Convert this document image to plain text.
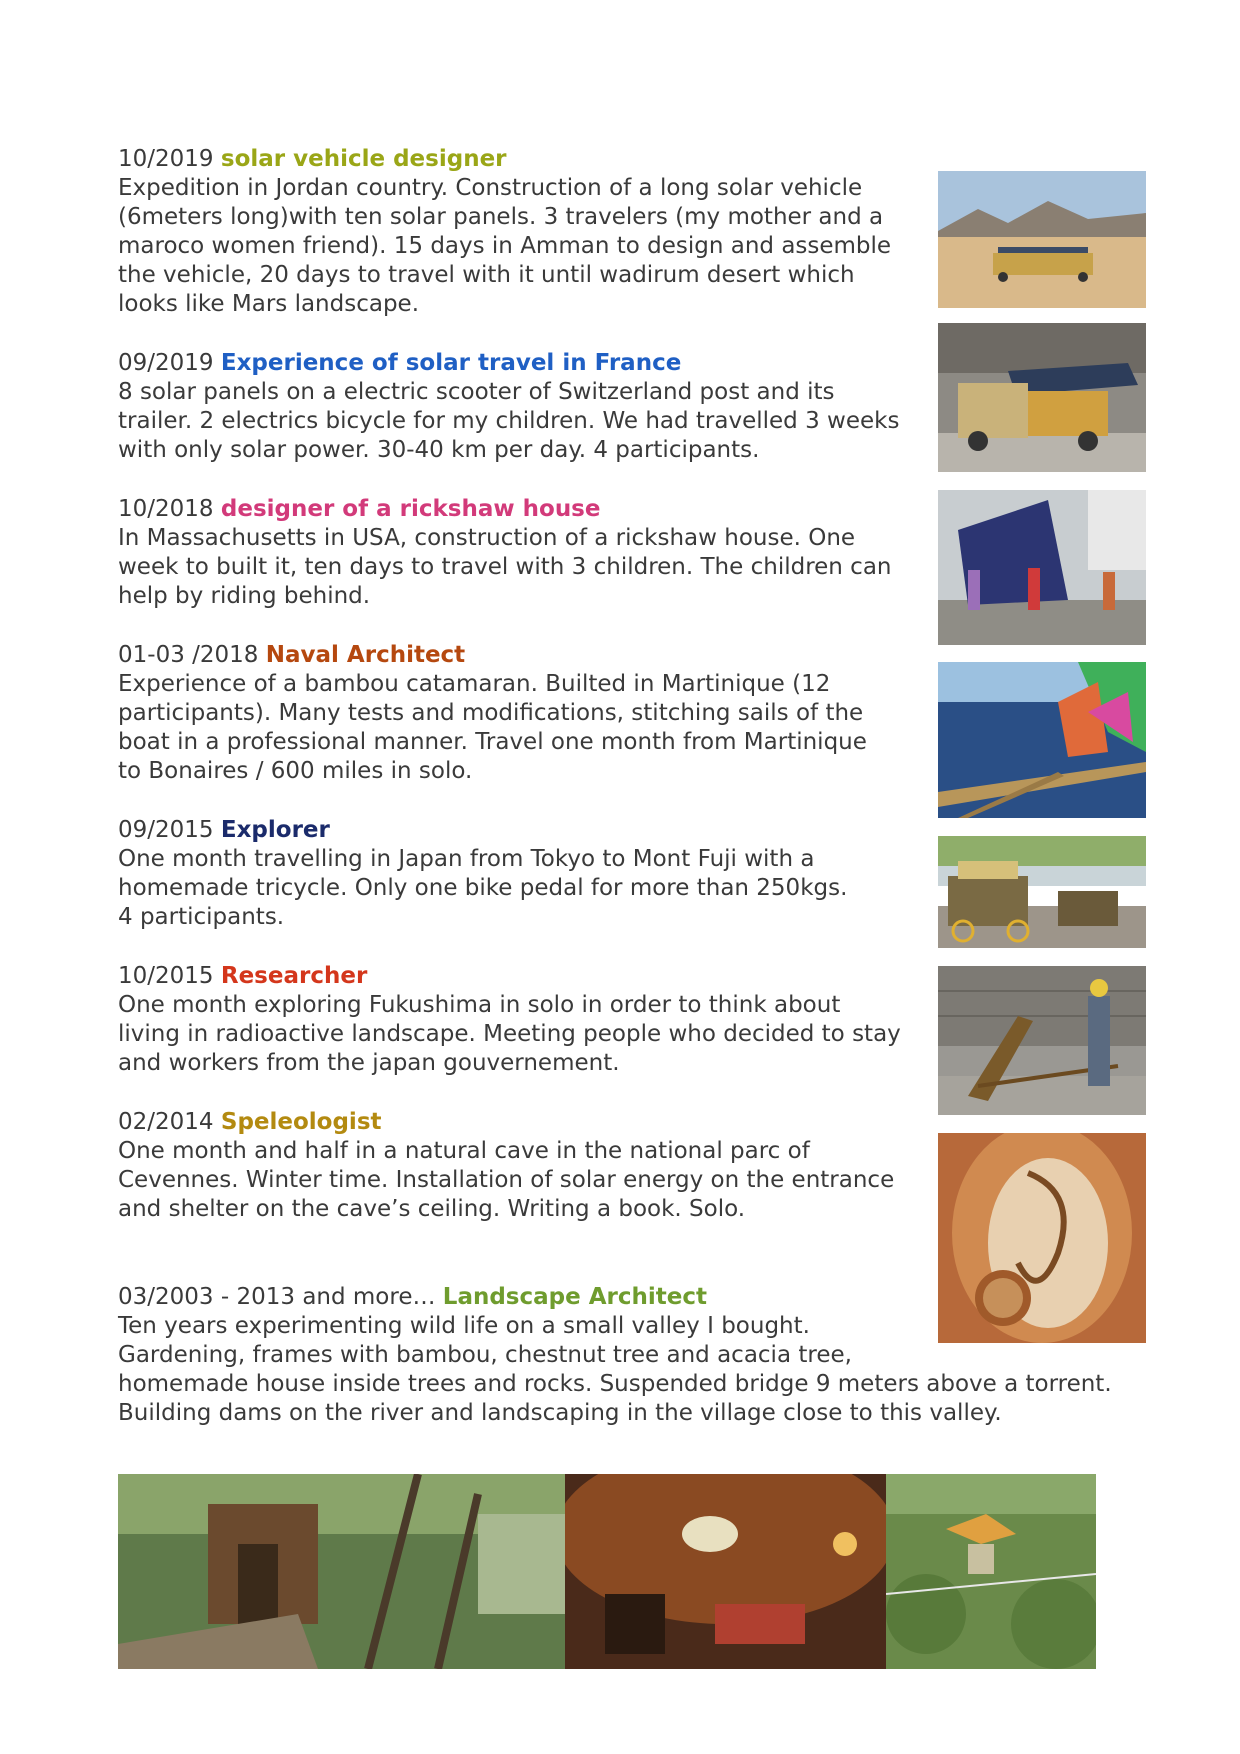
10/2019 solar vehicle designer

Expedition in Jordan country. Construction of a long solar vehicle
(6meters long)with ten solar panels. 3 travelers (my mother and a
maroco women friend). 15 days in Amman to design and assemble
the vehicle, 20 days to travel with it until wadirum desert which
looks like Mars landscape.

09/2019 Experience of solar travel in France

8 solar panels on a electric scooter of Switzerland post and its
trailer. 2 electrics bicycle for my children. We had travelled 3 weeks
with only solar power. 30-40 km per day. 4 participants.

10/2018 designer of a rickshaw house

In Massachusetts in USA, construction of a rickshaw house. One
week to built it, ten days to travel with 3 children. The children can
help by riding behind.

01-03 /2018 Naval Architect

Experience of a bambou catamaran. Builted in Martinique (12
participants). Many tests and modifications, stitching sails of the
boat in a professional manner. Travel one month from Martinique
to Bonaires / 600 miles in solo.

09/2015 Explorer

One month travelling in Japan from Tokyo to Mont Fuji with a
homemade tricycle. Only one bike pedal for more than 250kgs.
4 participants.

10/2015 Researcher

One month exploring Fukushima in solo in order to think about
living in radioactive landscape. Meeting people who decided to stay
and workers from the japan gouvernement.

02/2014 Speleologist

One month and half in a natural cave in the national parc of
Cevennes. Winter time. Installation of solar energy on the entrance
and shelter on the cave’s ceiling. Writing a book. Solo.

03/2003 - 2013 and more… Landscape Architect

Ten years experimenting wild life on a small valley I bought.
Gardening, frames with bambou, chestnut tree and acacia tree,
homemade house inside trees and rocks. Suspended bridge 9 meters above a torrent.
Building dams on the river and landscaping in the village close to this valley.
